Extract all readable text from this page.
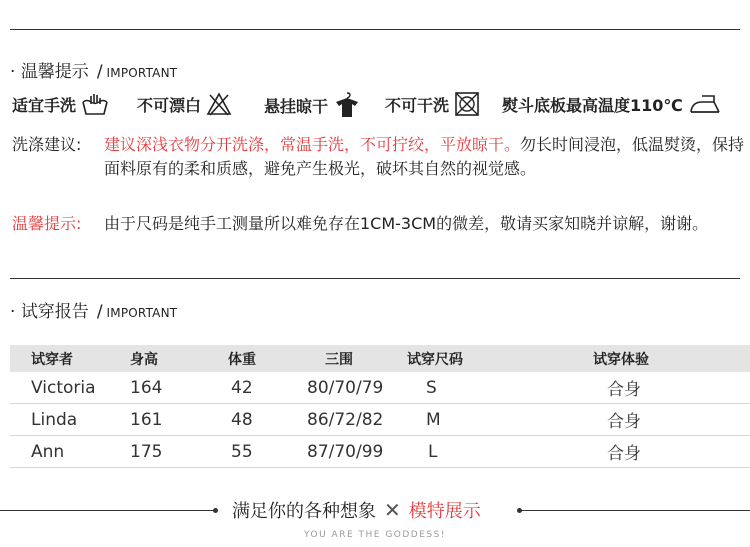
· 温馨提示 / IMPORTANT
适宜手洗	不可漂白	悬挂晾干	不可干洗	熨斗底板最高温度110℃
洗涤建议: 建议深浅衣物分开洗涤，常温手洗，不可拧绞，平放晾干。勿长时间浸泡，低温熨烫，保持面料原有的柔和质感，避免产生极光，破坏其自然的视觉感。
温馨提示: 由于尺码是纯手工测量所以难免存在1CM-3CM的微差，敬请买家知晓并谅解，谢谢。
· 试穿报告 / IMPORTANT
试穿者	身高	体重	三围	试穿尺码	试穿体验
Victoria 164	42	80/70/79	S	合身
Linda	161	48	86/72/82	M	合身
Ann	175	55	87/70/99	L	合身
满足你的各种想象 ✕ 模特展示
YOU ARE THE GODDESS!
